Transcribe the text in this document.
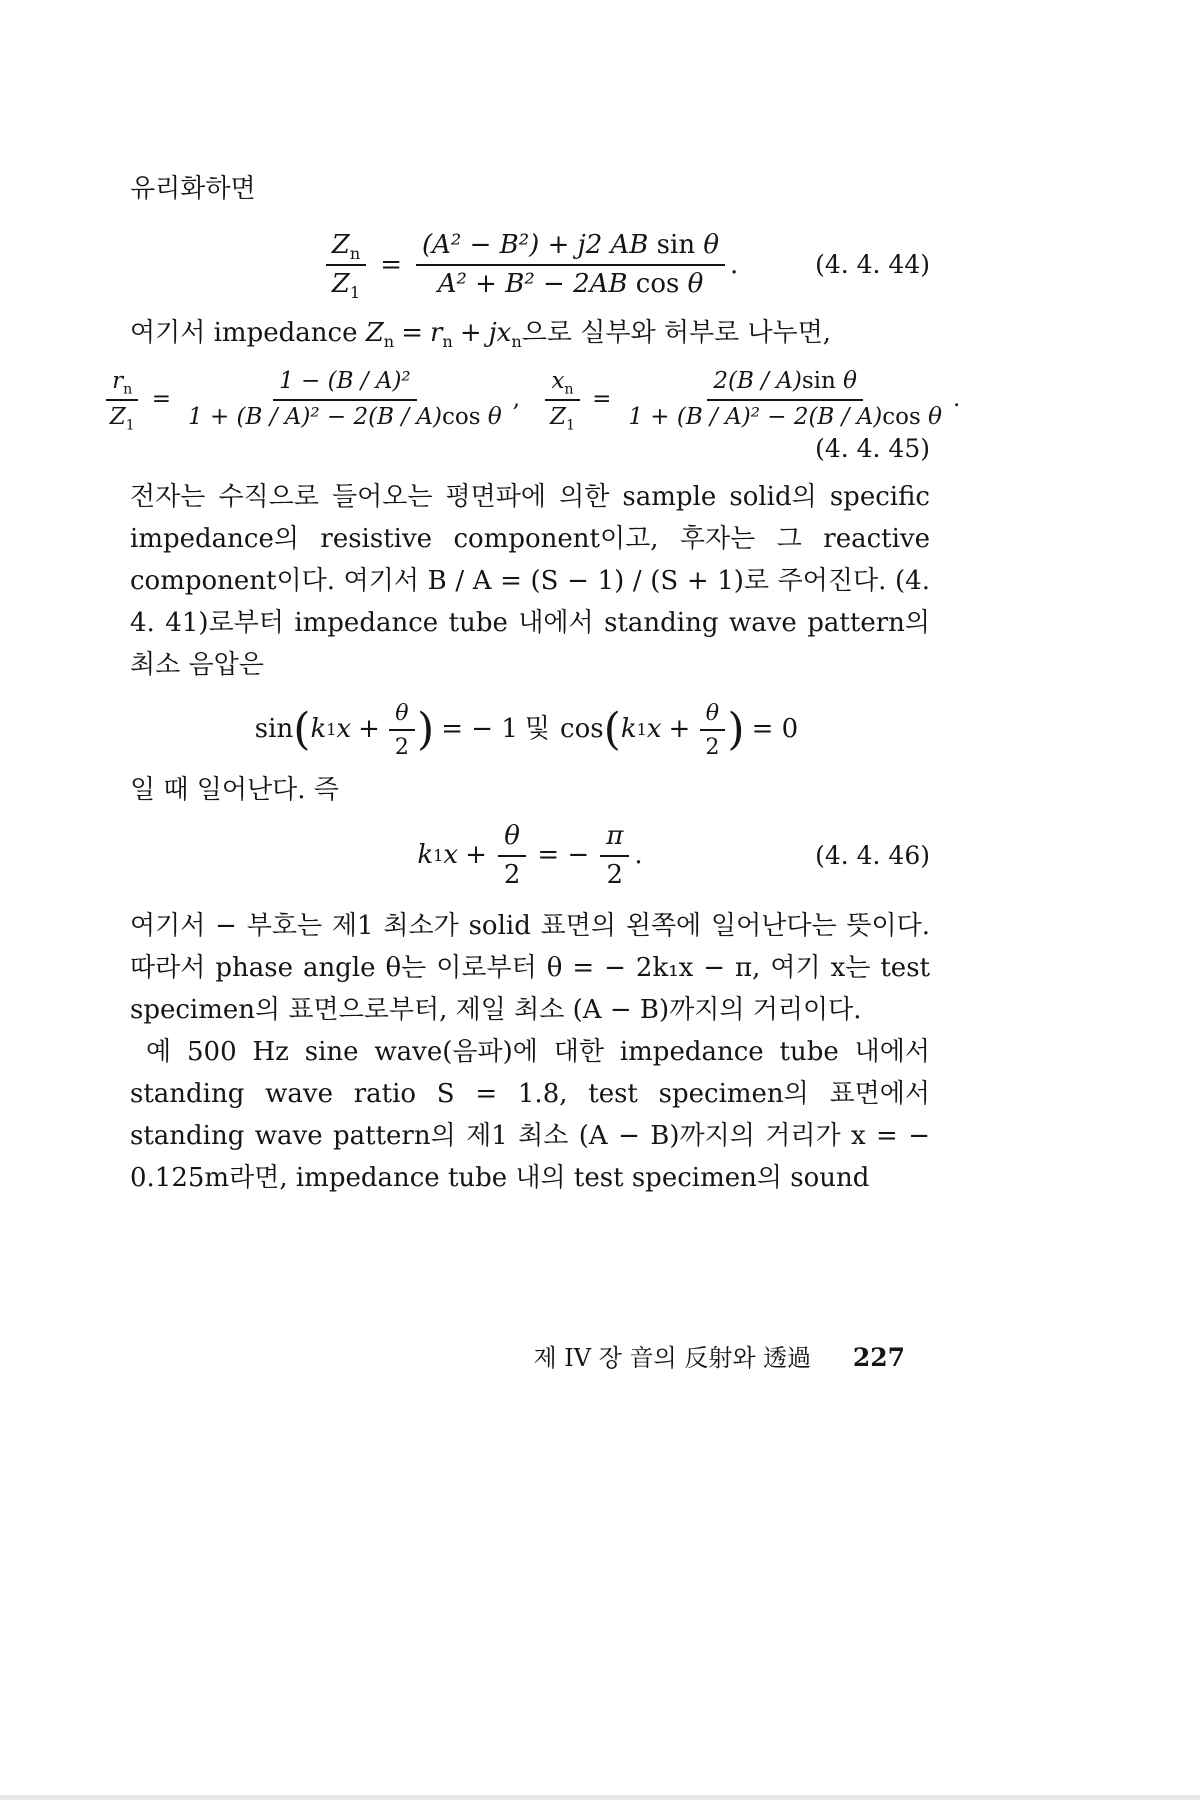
유리화하면

$\frac{Z_n}{Z_1} = \frac{\text{(A² − B²) + j2 AB sin θ}}{\text{A² + B² − 2AB cos θ}}$ .	(4. 4. 44)

여기서 impedance $Z_n = r_n + jx_n$으로 실부와 허부로 나누면,

$\frac{r_n}{Z_1} = \frac{\text{1 − (B / A)²}}{\text{1 + (B / A)² − 2(B / A)cos θ}}$ , $\frac{x_n}{Z_1} = \frac{\text{2(B / A)sin θ}}{\text{1 + (B / A)² − 2(B / A)cos θ}}$ .
(4. 4. 45)

전자는 수직으로 들어오는 평면파에 의한 sample solid의 specific impedance의 resistive component이고, 후자는 그 reactive component이다. 여기서 B / A = (S − 1) / (S + 1)로 주어진다. (4. 4. 41)로부터 impedance tube 내에서 standing wave pattern의 최소 음압은

sin ( k 1 $x + \frac{\theta}{2}$ ) = − 1 및 cos ( k 1 $x + \frac{\theta}{2}$ ) = 0

일 때 일어난다. 즉

k 1 $x + \frac{\theta}{2}$ = − $\frac{\pi}{2}$ .	(4. 4. 46)

여기서 − 부호는 제1 최소가 solid 표면의 왼쪽에 일어난다는 뜻이다. 따라서 phase angle θ는 이로부터 θ = − 2k₁x − π, 여기 x는 test specimen의 표면으로부터, 제일 최소 (A − B)까지의 거리이다.

예 500 Hz sine wave(음파)에 대한 impedance tube 내에서 standing wave ratio S = 1.8, test specimen의 표면에서 standing wave pattern의 제1 최소 (A − B)까지의 거리가 x = − 0.125m라면, impedance tube 내의 test specimen의 sound

제 IV 장 音의 反射와 透過 227
